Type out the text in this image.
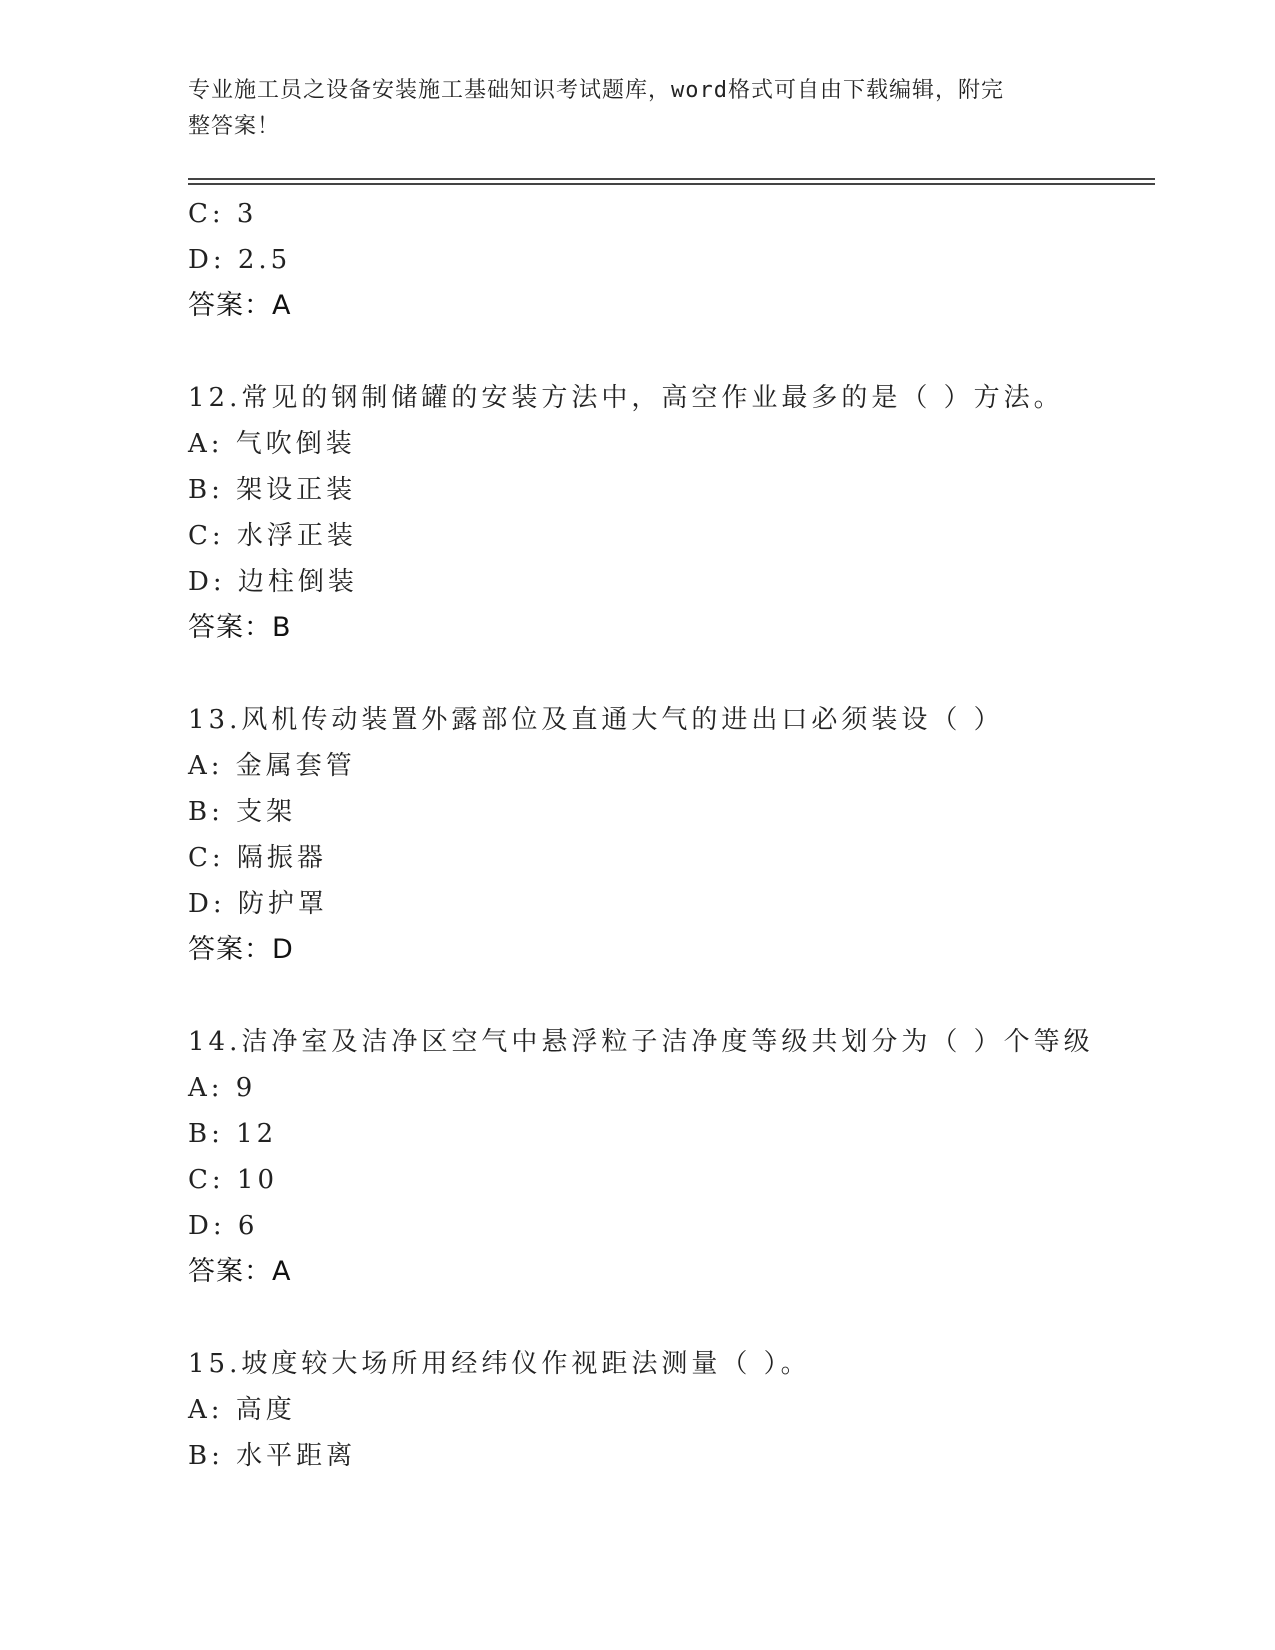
专业施工员之设备安装施工基础知识考试题库，word格式可自由下载编辑，附完
整答案！
C: 3
D: 2.5
答案：A
12.常见的钢制储罐的安装方法中，高空作业最多的是（ ）方法。
A: 气吹倒装
B: 架设正装
C: 水浮正装
D: 边柱倒装
答案：B
13.风机传动装置外露部位及直通大气的进出口必须装设（ ）
A: 金属套管
B: 支架
C: 隔振器
D: 防护罩
答案：D
14.洁净室及洁净区空气中悬浮粒子洁净度等级共划分为（ ）个等级
A: 9
B: 12
C: 10
D: 6
答案：A
15.坡度较大场所用经纬仪作视距法测量（ ）。
A: 高度
B: 水平距离
